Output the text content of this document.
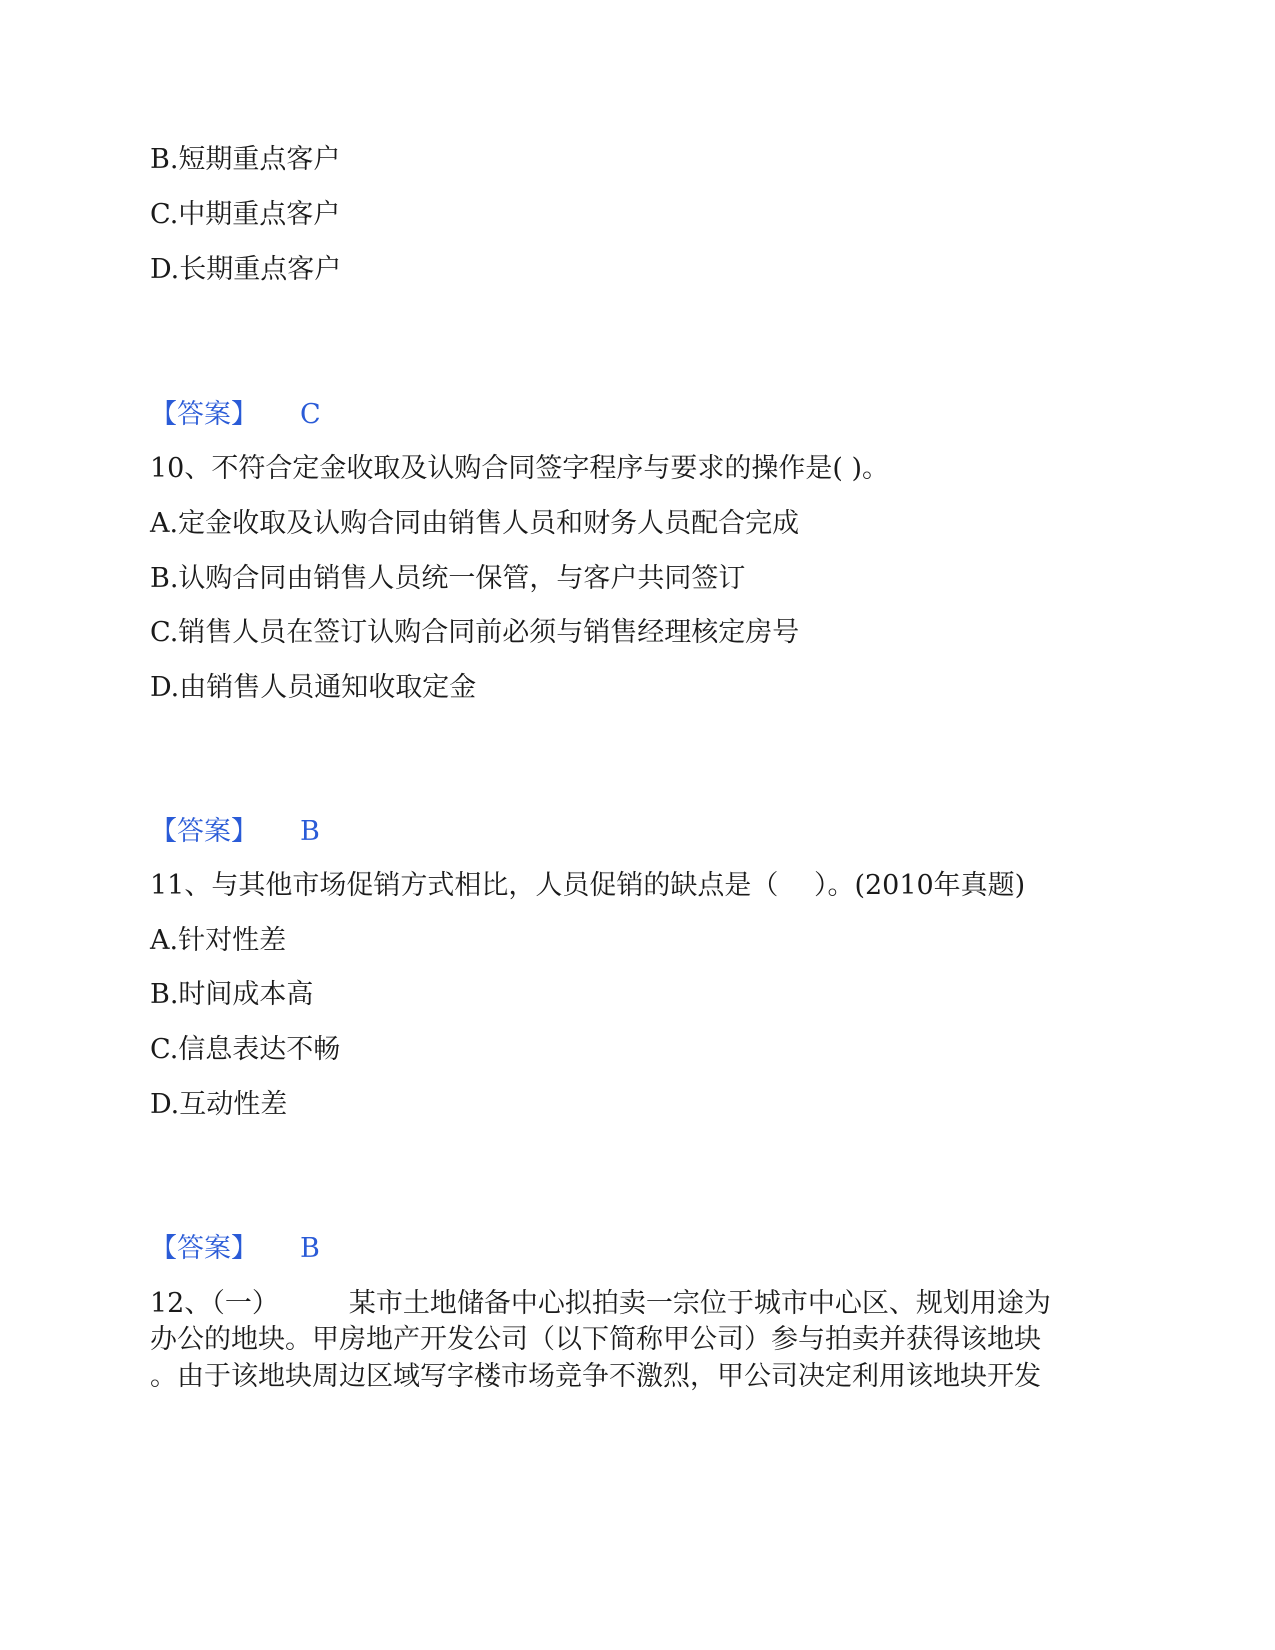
B.短期重点客户
C.中期重点客户
D.长期重点客户
【答案】 C
10、不符合定金收取及认购合同签字程序与要求的操作是( )。
A.定金收取及认购合同由销售人员和财务人员配合完成
B.认购合同由销售人员统一保管，与客户共同签订
C.销售人员在签订认购合同前必须与销售经理核定房号
D.由销售人员通知收取定金
【答案】 B
11、与其他市场促销方式相比，人员促销的缺点是（　 ）。(2010年真题)
A.针对性差
B.时间成本高
C.信息表达不畅
D.互动性差
【答案】 B
12、（一）	某市土地储备中心拟拍卖一宗位于城市中心区、规划用途为
办公的地块。甲房地产开发公司（以下简称甲公司）参与拍卖并获得该地块
。由于该地块周边区域写字楼市场竞争不激烈，甲公司决定利用该地块开发
